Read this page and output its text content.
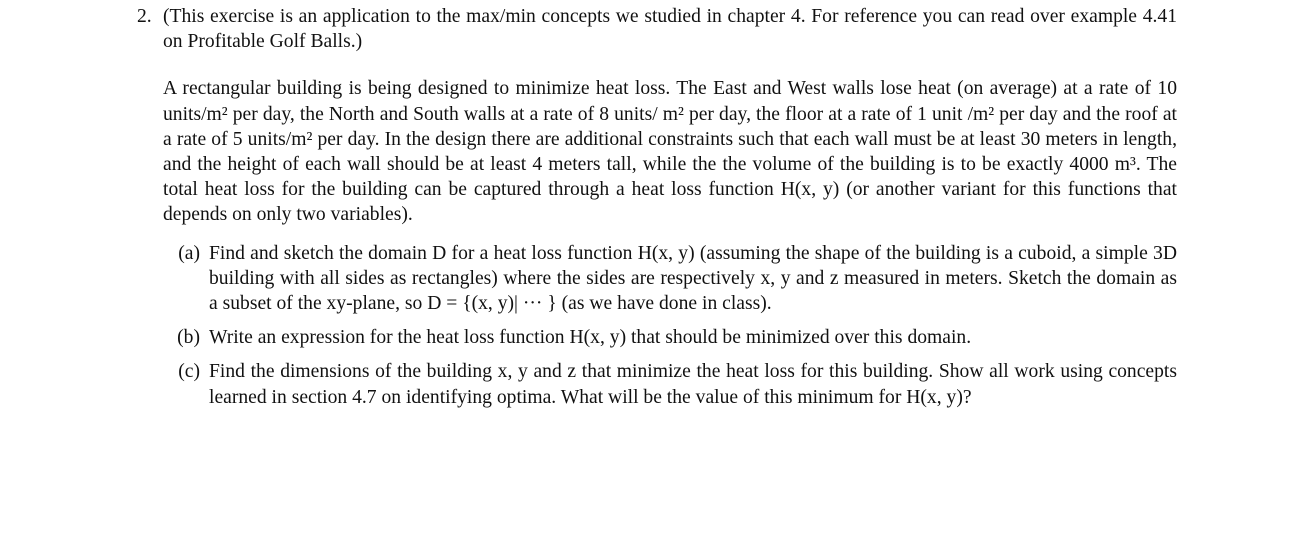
2. (This exercise is an application to the max/min concepts we studied in chapter 4. For reference you can read over example 4.41 on Profitable Golf Balls.)

A rectangular building is being designed to minimize heat loss. The East and West walls lose heat (on average) at a rate of 10 units/m² per day, the North and South walls at a rate of 8 units/ m² per day, the floor at a rate of 1 unit /m² per day and the roof at a rate of 5 units/m² per day. In the design there are additional constraints such that each wall must be at least 30 meters in length, and the height of each wall should be at least 4 meters tall, while the the volume of the building is to be exactly 4000 m³. The total heat loss for the building can be captured through a heat loss function H(x, y) (or another variant for this functions that depends on only two variables).

(a) Find and sketch the domain D for a heat loss function H(x, y) (assuming the shape of the building is a cuboid, a simple 3D building with all sides as rectangles) where the sides are respectively x, y and z measured in meters. Sketch the domain as a subset of the xy-plane, so D = {(x, y)| ··· } (as we have done in class).
(b) Write an expression for the heat loss function H(x, y) that should be minimized over this domain.
(c) Find the dimensions of the building x, y and z that minimize the heat loss for this building. Show all work using concepts learned in section 4.7 on identifying optima. What will be the value of this minimum for H(x, y)?
